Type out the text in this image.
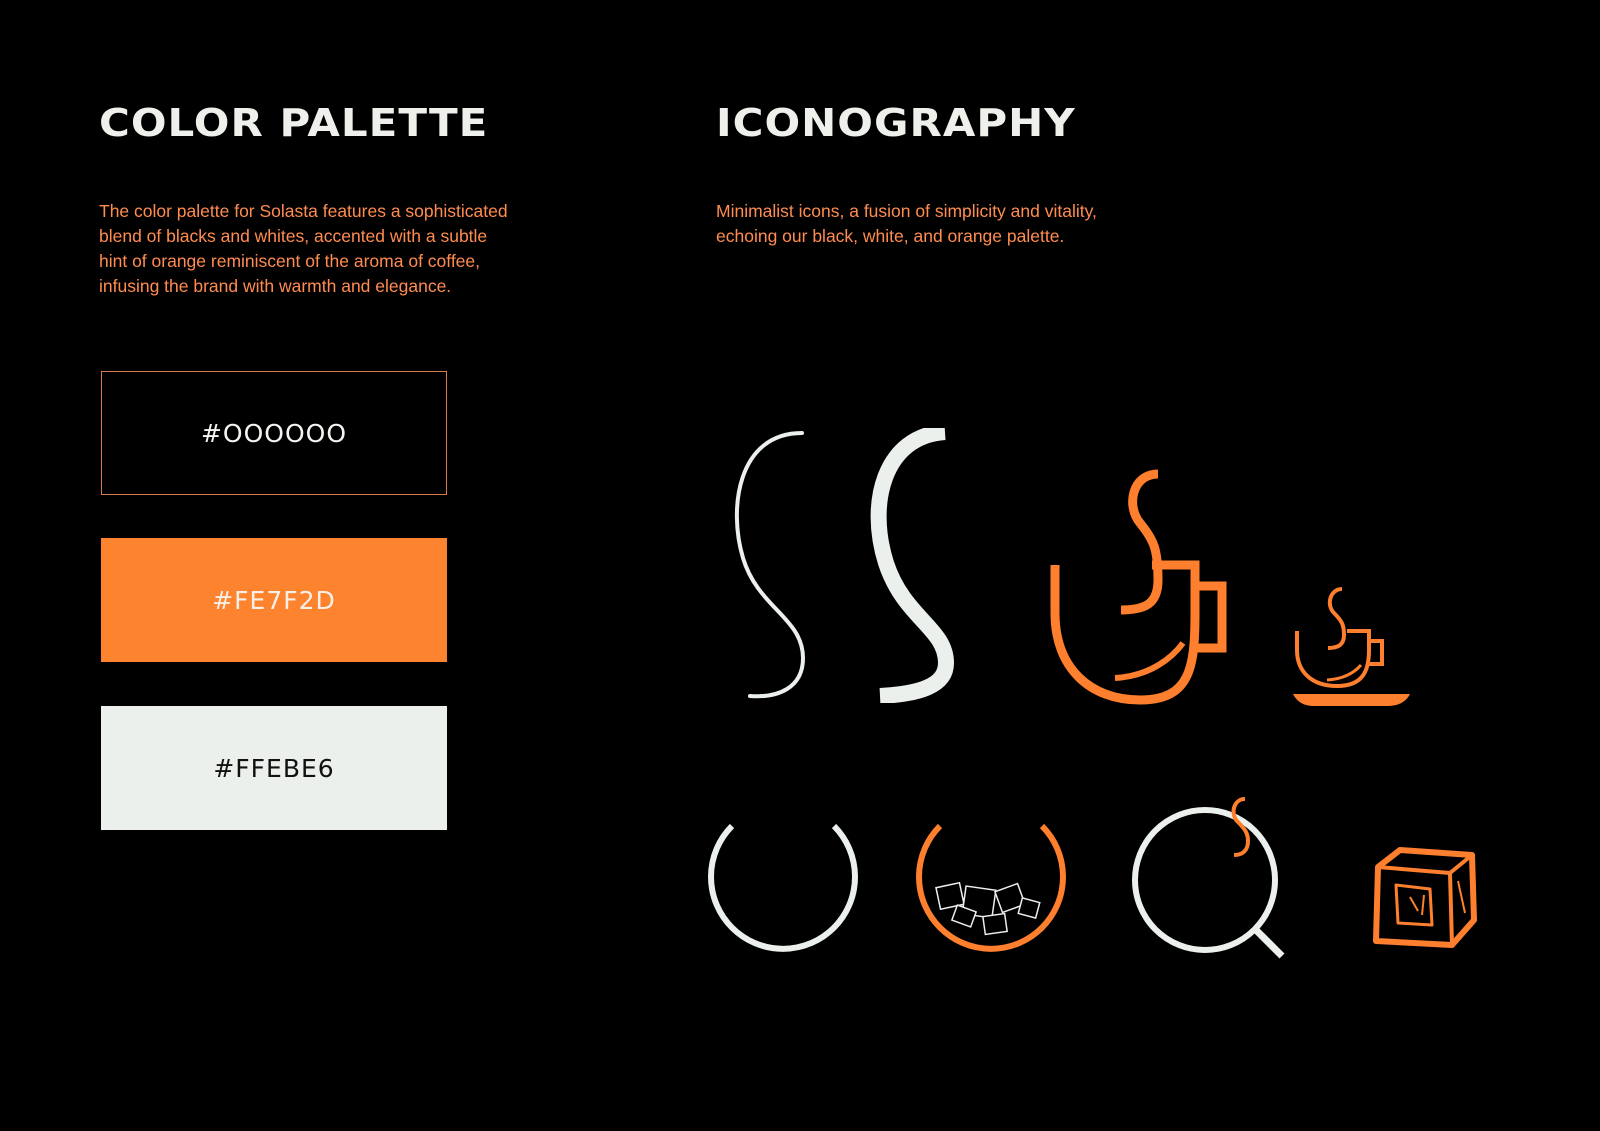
COLOR PALETTE

The color palette for Solasta features a sophisticated blend of blacks and whites, accented with a subtle hint of orange reminiscent of the aroma of coffee, infusing the brand with warmth and elegance.

#OOOOOO
#FE7F2D
#FFEBE6
ICONOGRAPHY

Minimalist icons, a fusion of simplicity and vitality, echoing our black, white, and orange palette.
